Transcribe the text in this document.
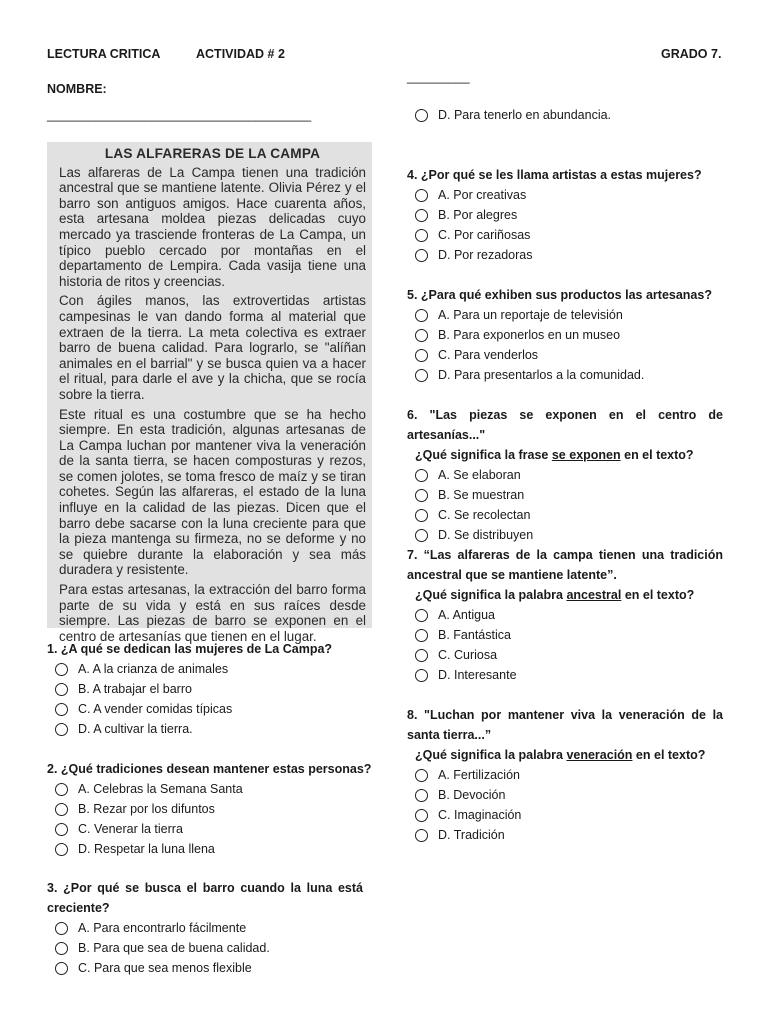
LECTURA CRITICA	ACTIVIDAD # 2	GRADO 7.
NOMBRE:
______________________________________
_________
LAS ALFARERAS DE LA CAMPA

Las alfareras de La Campa tienen una tradición ancestral que se mantiene latente. Olivia Pérez y el barro son antiguos amigos. Hace cuarenta años, esta artesana moldea piezas delicadas cuyo mercado ya trasciende fronteras de La Campa, un típico pueblo cercado por montañas en el departamento de Lempira. Cada vasija tiene una historia de ritos y creencias.

Con ágiles manos, las extrovertidas artistas campesinas le van dando forma al material que extraen de la tierra. La meta colectiva es extraer barro de buena calidad. Para lograrlo, se "alíñan animales en el barrial" y se busca quien va a hacer el ritual, para darle el ave y la chicha, que se rocía sobre la tierra.

Este ritual es una costumbre que se ha hecho siempre. En esta tradición, algunas artesanas de La Campa luchan por mantener viva la veneración de la santa tierra, se hacen composturas y rezos, se comen jolotes, se toma fresco de maíz y se tiran cohetes. Según las alfareras, el estado de la luna influye en la calidad de las piezas. Dicen que el barro debe sacarse con la luna creciente para que la pieza mantenga su firmeza, no se deforme y no se quiebre durante la elaboración y sea más duradera y resistente.

Para estas artesanas, la extracción del barro forma parte de su vida y está en sus raíces desde siempre. Las piezas de barro se exponen en el centro de artesanías que tienen en el lugar.

1. ¿A qué se dedican las mujeres de La Campa?
A. A la crianza de animales
B. A trabajar el barro
C. A vender comidas típicas
D. A cultivar la tierra.
2. ¿Qué tradiciones desean mantener estas personas?
A. Celebras la Semana Santa
B. Rezar por los difuntos
C. Venerar la tierra
D. Respetar la luna llena
3. ¿Por qué se busca el barro cuando la luna está creciente?
A. Para encontrarlo fácilmente
B. Para que sea de buena calidad.
C. Para que sea menos flexible
D. Para tenerlo en abundancia.
4. ¿Por qué se les llama artistas a estas mujeres?
A. Por creativas
B. Por alegres
C. Por cariñosas
D. Por rezadoras
5. ¿Para qué exhiben sus productos las artesanas?
A. Para un reportaje de televisión
B. Para exponerlos en un museo
C. Para venderlos
D. Para presentarlos a la comunidad.
6. "Las piezas se exponen en el centro de artesanías..."
¿Qué significa la frase se exponen en el texto?
A. Se elaboran
B. Se muestran
C. Se recolectan
D. Se distribuyen
7. “Las alfareras de la campa tienen una tradición ancestral que se mantiene latente”.
¿Qué significa la palabra ancestral en el texto?
A. Antigua
B. Fantástica
C. Curiosa
D. Interesante
8. "Luchan por mantener viva la veneración de la santa tierra...”
¿Qué significa la palabra veneración en el texto?
A. Fertilización
B. Devoción
C. Imaginación
D. Tradición
